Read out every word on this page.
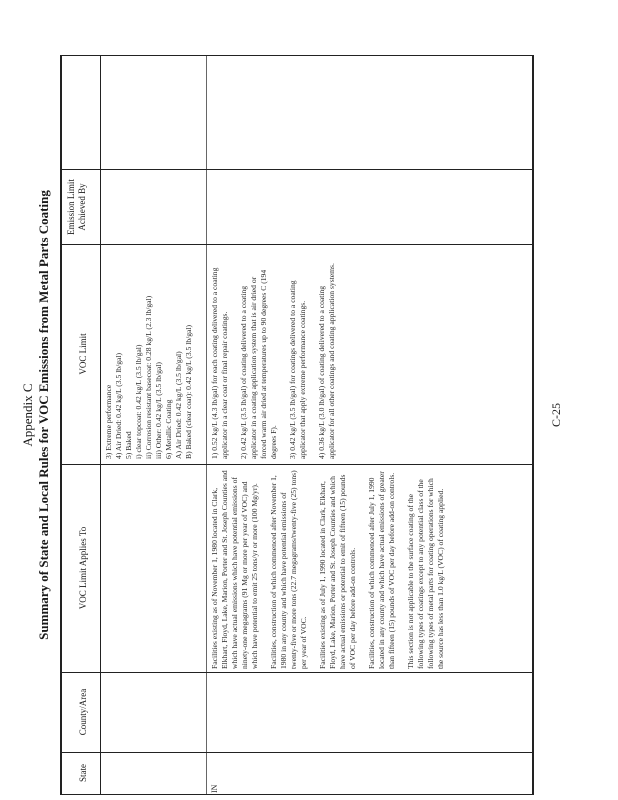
Appendix C Summary of State and Local Rules for VOC Emissions from Metal Parts Coating
State
County/Area
VOC Limit Applies To
VOC Limit
Emission Limit Achieved By
3) Extreme performance 4) Air Dried: 0.42 kg/L (3.5 lb/gal) 5) Baked i) clear topcoat: 0.42 kg/L (3.5 lb/gal) ii) Corrosion resistant basecoat: 0.28 kg/L (2.3 lb/gal) iii) Other: 0.42 kg/L (3.5 lb/gal) 6) Metallic Coating A) Air Dried: 0.42 kg/L (3.5 lb/gal) B) Baked (clear coat): 0.42 kg/L (3.5 lb/gal)
IN

Facilities existing as of November 1, 1980 located in Clark, Elkhart, Floyd, Lake, Marion, Porter and St. Joseph Counties and which have actual emissions which have potential emissions of ninety-one megagrams (91 Mg or more per year of VOC) and which have potential to emit 25 tons/yr or more (100 Mg/yr). Facilities, construction of which commenced after November 1, 1980 in any county and which have potential emissions of twenty-five or more tons (22.7 megagrams/twenty-five (25) tons) per year of VOC. Facilities existing as of July 1, 1990 located in Clark, Elkhart, Floyd, Lake, Marion, Porter and St. Joseph Counties and which have actual emissions or potential to emit of fifteen (15) pounds of VOC per day before add-on controls. Facilities, construction of which commenced after July 1, 1990 located in any county and which have actual emissions of greater than fifteen (15) pounds of VOC per day before add-on controls. This section is not applicable to the surface coating of the following types of coatings except to any potential class of the following types of metal parts for coating operations for which the source has less than 1.0 kg/L (VOC) of coating applied.

1) 0.52 kg/L (4.3 lb/gal) for each coating delivered to a coating applicator in a clear coat or final repair coatings. 2) 0.42 kg/L (3.5 lb/gal) of coating delivered to a coating applicator in a coating application system that is air dried or forced warm air dried at temperatures up to 90 degrees C (194 degrees F). 3) 0.42 kg/L (3.5 lb/gal) for coatings delivered to a coating applicator that apply extreme performance coatings. 4) 0.36 kg/L (3.0 lb/gal) of coating delivered to a coating applicator for all other coatings and coating application systems.	C-25
